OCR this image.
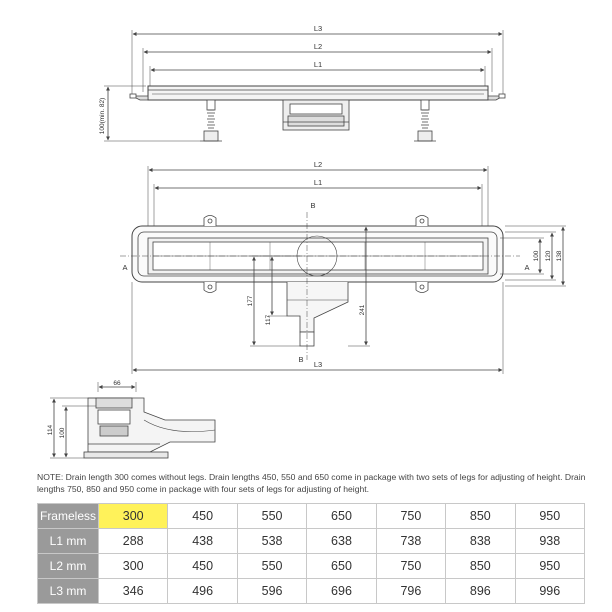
L3
L2
L1
100(min. 82)
L2
L1
L3
A	A
B
B
100 120 138
177
117
241
66
114 100
NOTE: Drain length 300 comes without legs. Drain lengths 450, 550 and 650 come in package with two sets of legs for adjusting of height. Drain lengths 750, 850 and 950 come in package with four sets of legs for adjusting of height.
Frameless	300	450	550	650	750	850	950
L1 mm	288	438	538	638	738	838	938
L2 mm	300	450	550	650	750	850	950
L3 mm	346	496	596	696	796	896	996
